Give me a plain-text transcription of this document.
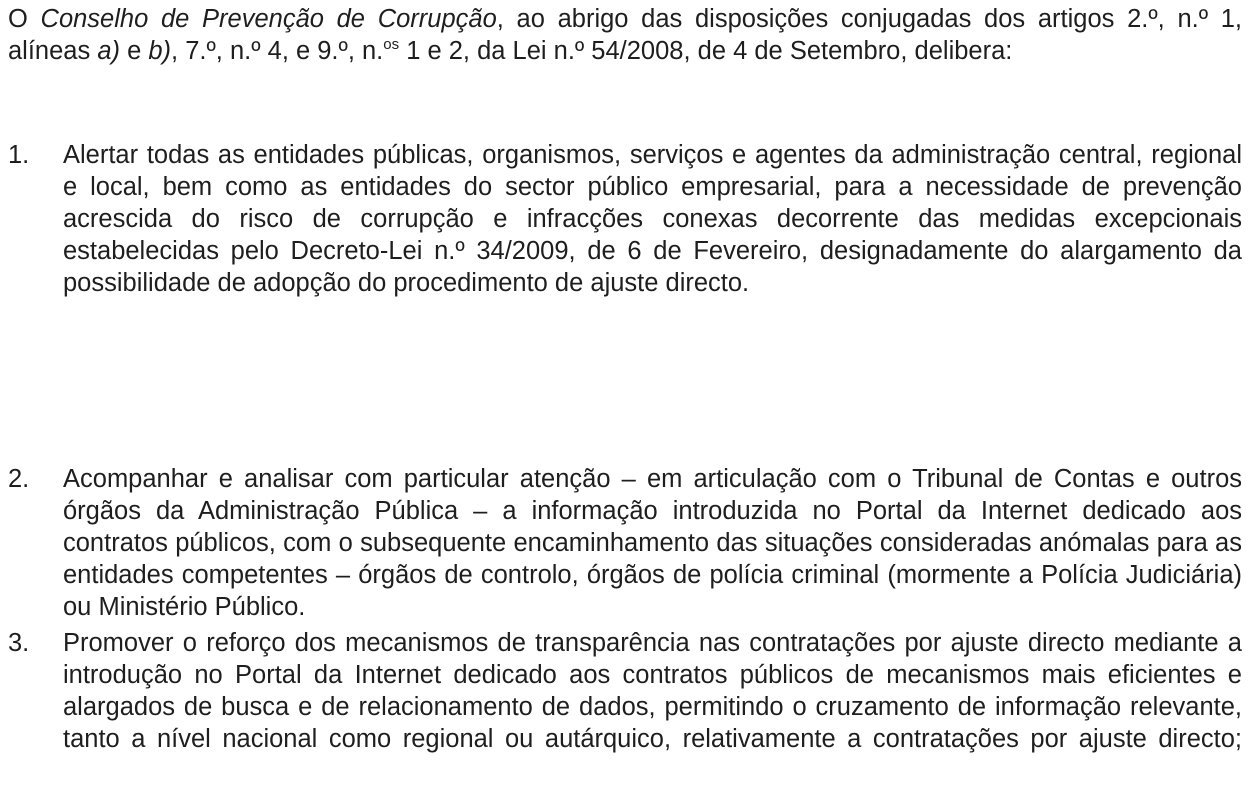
O Conselho de Prevenção de Corrupção, ao abrigo das disposições conjugadas dos artigos 2.º, n.º 1, alíneas a) e b), 7.º, n.º 4, e 9.º, n.$^{os}$ 1 e 2, da Lei n.º 54/2008, de 4 de Setembro, delibera:

1.	Alertar todas as entidades públicas, organismos, serviços e agentes da administração central, regional e local, bem como as entidades do sector público empresarial, para a necessidade de prevenção acrescida do risco de corrupção e infracções conexas decorrente das medidas excepcionais estabelecidas pelo Decreto-Lei n.º 34/2009, de 6 de Fevereiro, designadamente do alargamento da possibilidade de adopção do procedimento de ajuste directo.
2.	Acompanhar e analisar com particular atenção – em articulação com o Tribunal de Contas e outros órgãos da Administração Pública – a informação introduzida no Portal da Internet dedicado aos contratos públicos, com o subsequente encaminhamento das situações consideradas anómalas para as entidades competentes – órgãos de controlo, órgãos de polícia criminal (mormente a Polícia Judiciária) ou Ministério Público.
3.	Promover o reforço dos mecanismos de transparência nas contratações por ajuste directo mediante a introdução no Portal da Internet dedicado aos contratos públicos de mecanismos mais eficientes e alargados de busca e de relacionamento de dados, permitindo o cruzamento de informação relevante, tanto a nível nacional como regional ou autárquico, relativamente a contratações por ajuste directo;
